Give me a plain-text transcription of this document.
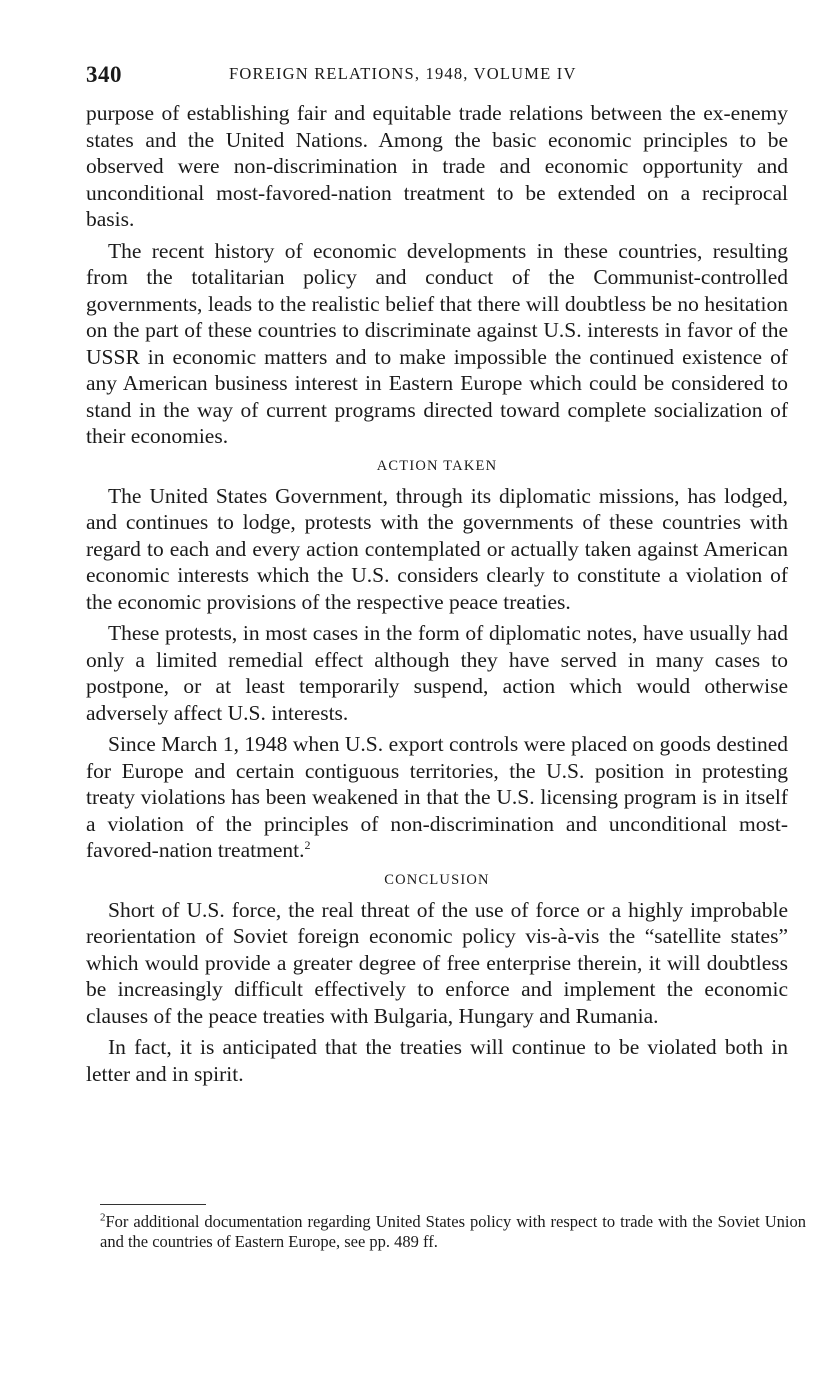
340	FOREIGN RELATIONS, 1948, VOLUME IV

purpose of establishing fair and equitable trade relations between the ex-enemy states and the United Nations. Among the basic economic principles to be observed were non-discrimination in trade and economic opportunity and unconditional most-favored-nation treatment to be extended on a reciprocal basis.

The recent history of economic developments in these countries, resulting from the totalitarian policy and conduct of the Communist-controlled governments, leads to the realistic belief that there will doubtless be no hesitation on the part of these countries to discriminate against U.S. interests in favor of the USSR in economic matters and to make impossible the continued existence of any American business interest in Eastern Europe which could be considered to stand in the way of current programs directed toward complete socialization of their economies.

ACTION TAKEN

The United States Government, through its diplomatic missions, has lodged, and continues to lodge, protests with the governments of these countries with regard to each and every action contemplated or actually taken against American economic interests which the U.S. considers clearly to constitute a violation of the economic provisions of the respective peace treaties.

These protests, in most cases in the form of diplomatic notes, have usually had only a limited remedial effect although they have served in many cases to postpone, or at least temporarily suspend, action which would otherwise adversely affect U.S. interests.

Since March 1, 1948 when U.S. export controls were placed on goods destined for Europe and certain contiguous territories, the U.S. position in protesting treaty violations has been weakened in that the U.S. licensing program is in itself a violation of the principles of non-discrimination and unconditional most-favored-nation treatment.$^2$

CONCLUSION

Short of U.S. force, the real threat of the use of force or a highly improbable reorientation of Soviet foreign economic policy vis-à-vis the “satellite states” which would provide a greater degree of free enterprise therein, it will doubtless be increasingly difficult effectively to enforce and implement the economic clauses of the peace treaties with Bulgaria, Hungary and Rumania.

In fact, it is anticipated that the treaties will continue to be violated both in letter and in spirit.

$^2$For additional documentation regarding United States policy with respect to trade with the Soviet Union and the countries of Eastern Europe, see pp. 489 ff.
